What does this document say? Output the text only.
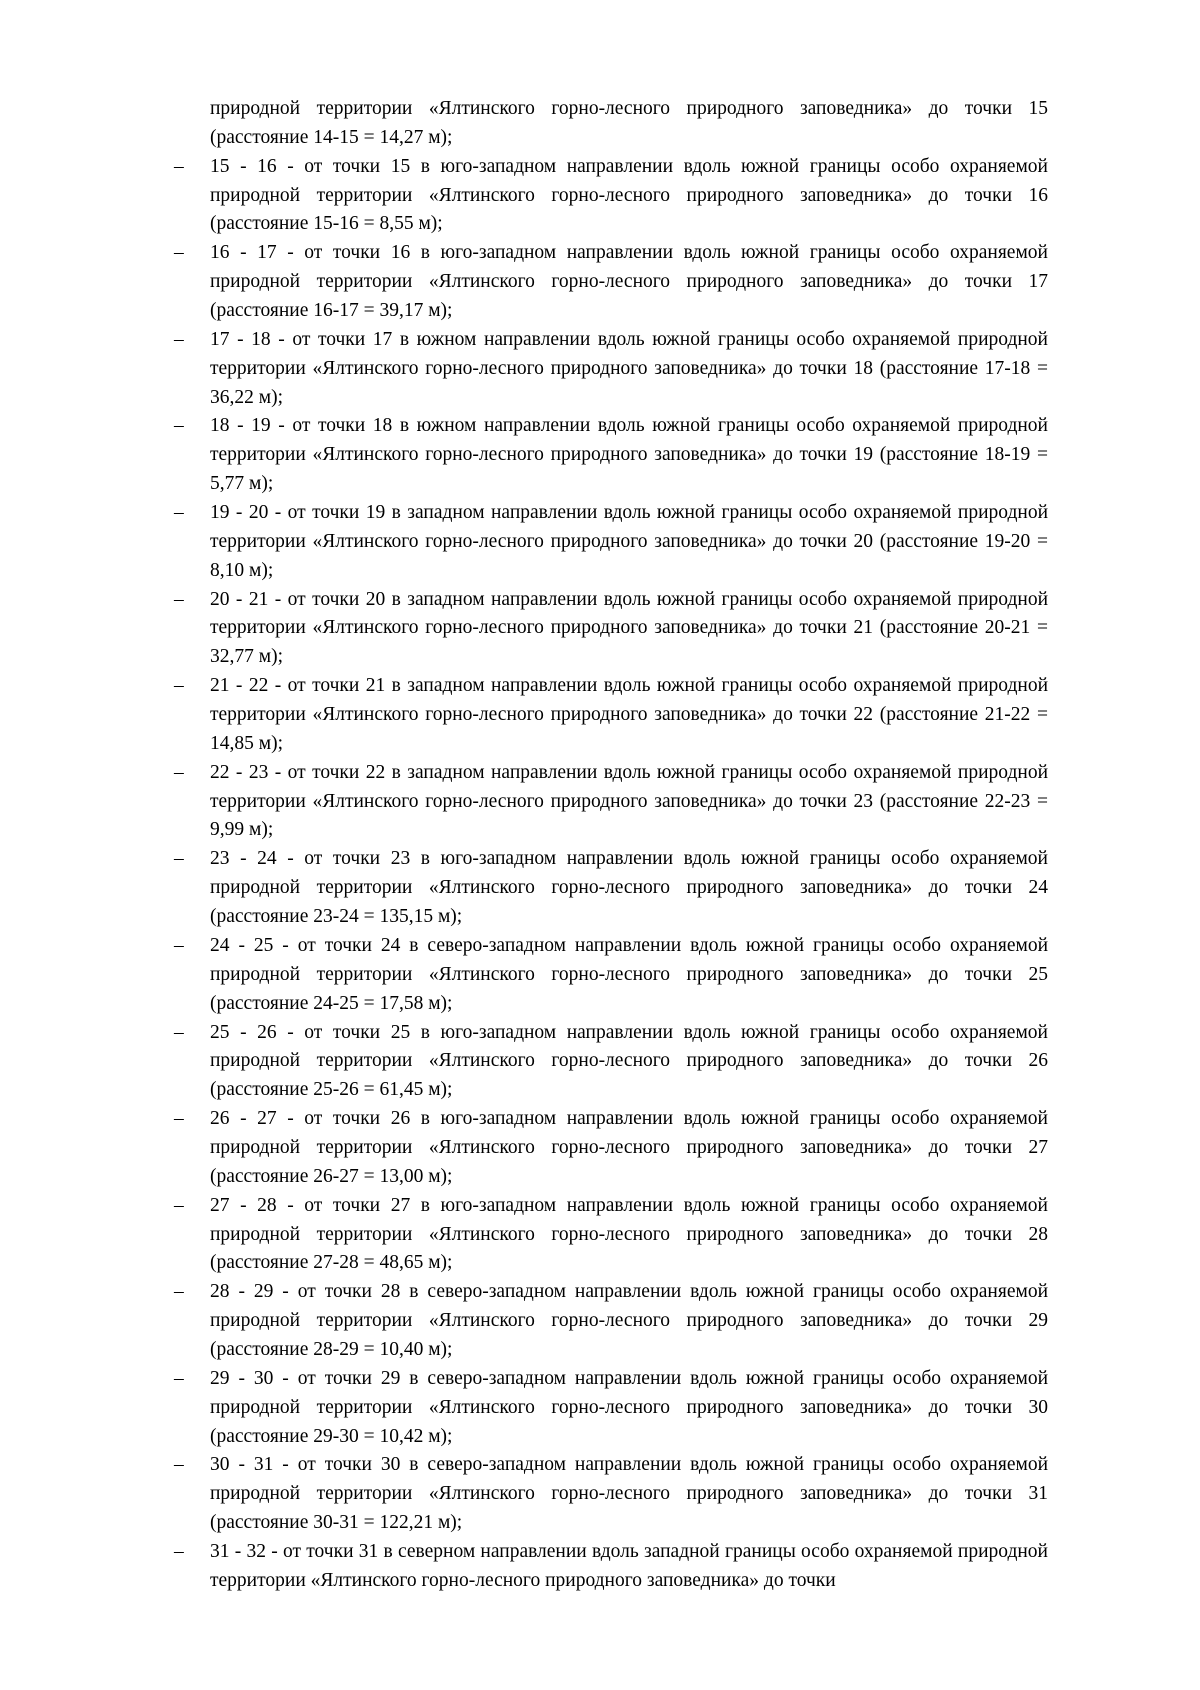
природной территории «Ялтинского горно-лесного природного заповедника» до точки 15 (расстояние 14-15 = 14,27 м);

– 15 - 16 - от точки 15 в юго-западном направлении вдоль южной границы особо охраняемой природной территории «Ялтинского горно-лесного природного заповедника» до точки 16 (расстояние 15-16 = 8,55 м);
– 16 - 17 - от точки 16 в юго-западном направлении вдоль южной границы особо охраняемой природной территории «Ялтинского горно-лесного природного заповедника» до точки 17 (расстояние 16-17 = 39,17 м);
– 17 - 18 - от точки 17 в южном направлении вдоль южной границы особо охраняемой природной территории «Ялтинского горно-лесного природного заповедника» до точки 18 (расстояние 17-18 = 36,22 м);
– 18 - 19 - от точки 18 в южном направлении вдоль южной границы особо охраняемой природной территории «Ялтинского горно-лесного природного заповедника» до точки 19 (расстояние 18-19 = 5,77 м);
– 19 - 20 - от точки 19 в западном направлении вдоль южной границы особо охраняемой природной территории «Ялтинского горно-лесного природного заповедника» до точки 20 (расстояние 19-20 = 8,10 м);
– 20 - 21 - от точки 20 в западном направлении вдоль южной границы особо охраняемой природной территории «Ялтинского горно-лесного природного заповедника» до точки 21 (расстояние 20-21 = 32,77 м);
– 21 - 22 - от точки 21 в западном направлении вдоль южной границы особо охраняемой природной территории «Ялтинского горно-лесного природного заповедника» до точки 22 (расстояние 21-22 = 14,85 м);
– 22 - 23 - от точки 22 в западном направлении вдоль южной границы особо охраняемой природной территории «Ялтинского горно-лесного природного заповедника» до точки 23 (расстояние 22-23 = 9,99 м);
– 23 - 24 - от точки 23 в юго-западном направлении вдоль южной границы особо охраняемой природной территории «Ялтинского горно-лесного природного заповедника» до точки 24 (расстояние 23-24 = 135,15 м);
– 24 - 25 - от точки 24 в северо-западном направлении вдоль южной границы особо охраняемой природной территории «Ялтинского горно-лесного природного заповедника» до точки 25 (расстояние 24-25 = 17,58 м);
– 25 - 26 - от точки 25 в юго-западном направлении вдоль южной границы особо охраняемой природной территории «Ялтинского горно-лесного природного заповедника» до точки 26 (расстояние 25-26 = 61,45 м);
– 26 - 27 - от точки 26 в юго-западном направлении вдоль южной границы особо охраняемой природной территории «Ялтинского горно-лесного природного заповедника» до точки 27 (расстояние 26-27 = 13,00 м);
– 27 - 28 - от точки 27 в юго-западном направлении вдоль южной границы особо охраняемой природной территории «Ялтинского горно-лесного природного заповедника» до точки 28 (расстояние 27-28 = 48,65 м);
– 28 - 29 - от точки 28 в северо-западном направлении вдоль южной границы особо охраняемой природной территории «Ялтинского горно-лесного природного заповедника» до точки 29 (расстояние 28-29 = 10,40 м);
– 29 - 30 - от точки 29 в северо-западном направлении вдоль южной границы особо охраняемой природной территории «Ялтинского горно-лесного природного заповедника» до точки 30 (расстояние 29-30 = 10,42 м);
– 30 - 31 - от точки 30 в северо-западном направлении вдоль южной границы особо охраняемой природной территории «Ялтинского горно-лесного природного заповедника» до точки 31 (расстояние 30-31 = 122,21 м);
– 31 - 32 - от точки 31 в северном направлении вдоль западной границы особо охраняемой природной территории «Ялтинского горно-лесного природного заповедника» до точки
